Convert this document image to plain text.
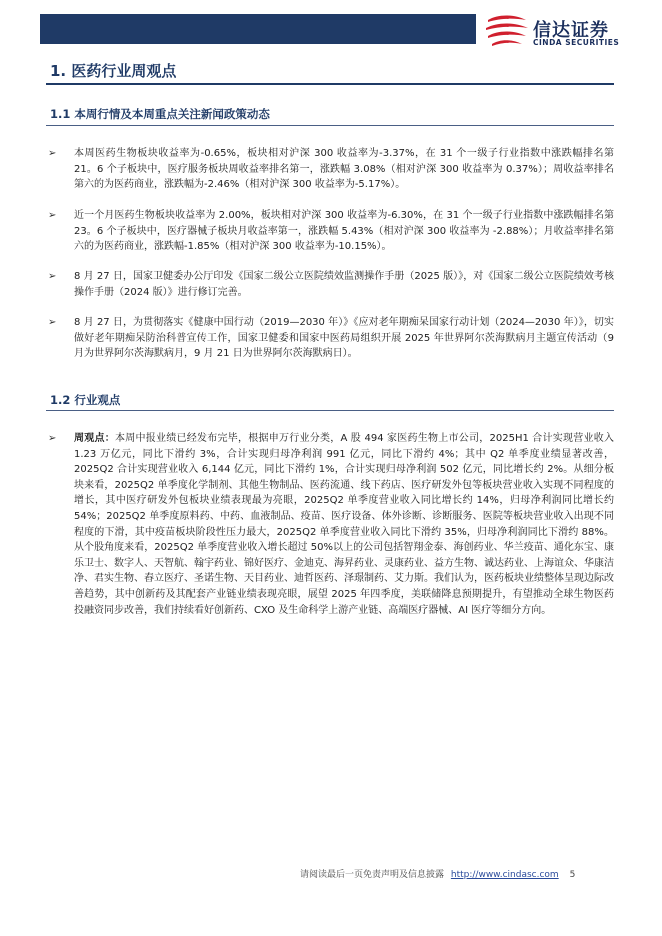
信达证券
CINDA SECURITIES
1. 医药行业周观点
1.1 本周行情及本周重点关注新闻政策动态
➢ 本周医药生物板块收益率为-0.65%，板块相对沪深 300 收益率为-3.37%，在 31 个一级子行业指数中涨跌幅排名第 21。6 个子板块中，医疗服务板块周收益率排名第一，涨跌幅 3.08%（相对沪深 300 收益率为 0.37%）；周收益率排名第六的为医药商业，涨跌幅为-2.46%（相对沪深 300 收益率为-5.17%）。
➢ 近一个月医药生物板块收益率为 2.00%，板块相对沪深 300 收益率为-6.30%，在 31 个一级子行业指数中涨跌幅排名第 23。6 个子板块中，医疗器械子板块月收益率第一，涨跌幅 5.43%（相对沪深 300 收益率为 -2.88%）；月收益率排名第六的为医药商业，涨跌幅-1.85%（相对沪深 300 收益率为-10.15%）。
➢ 8 月 27 日，国家卫健委办公厅印发《国家二级公立医院绩效监测操作手册（2025 版）》，对《国家二级公立医院绩效考核操作手册（2024 版）》进行修订完善。
➢ 8 月 27 日，为贯彻落实《健康中国行动（2019—2030 年）》《应对老年期痴呆国家行动计划（2024—2030 年）》，切实做好老年期痴呆防治科普宣传工作，国家卫健委和国家中医药局组织开展 2025 年世界阿尔茨海默病月主题宣传活动（9 月为世界阿尔茨海默病月，9 月 21 日为世界阿尔茨海默病日）。
1.2 行业观点
➢ 周观点：本周中报业绩已经发布完毕，根据申万行业分类，A 股 494 家医药生物上市公司，2025H1 合计实现营业收入 1.23 万亿元，同比下滑约 3%，合计实现归母净利润 991 亿元，同比下滑约 4%；其中 Q2 单季度业绩显著改善，2025Q2 合计实现营业收入 6,144 亿元，同比下滑约 1%，合计实现归母净利润 502 亿元，同比增长约 2%。从细分板块来看，2025Q2 单季度化学制剂、其他生物制品、医药流通、线下药店、医疗研发外包等板块营业收入实现不同程度的增长，其中医疗研发外包板块业绩表现最为亮眼，2025Q2 单季度营业收入同比增长约 14%，归母净利润同比增长约 54%；2025Q2 单季度原料药、中药、血液制品、疫苗、医疗设备、体外诊断、诊断服务、医院等板块营业收入出现不同程度的下滑，其中疫苗板块阶段性压力最大，2025Q2 单季度营业收入同比下滑约 35%，归母净利润同比下滑约 88%。从个股角度来看，2025Q2 单季度营业收入增长超过 50%以上的公司包括智翔金泰、海创药业、华兰疫苗、通化东宝、康乐卫士、数字人、天智航、翰宇药业、锦好医疗、金迪克、海昇药业、灵康药业、益方生物、诚达药业、上海谊众、华康洁净、君实生物、舂立医疗、圣诺生物、天目药业、迪哲医药、泽璟制药、艾力斯。我们认为，医药板块业绩整体呈现边际改善趋势，其中创新药及其配套产业链业绩表现亮眼，展望 2025 年四季度，美联储降息预期提升，有望推动全球生物医药投融资同步改善，我们持续看好创新药、CXO 及生命科学上游产业链、高端医疗器械、AI 医疗等细分方向。
请阅读最后一页免责声明及信息披露 http://www.cindasc.com 5
